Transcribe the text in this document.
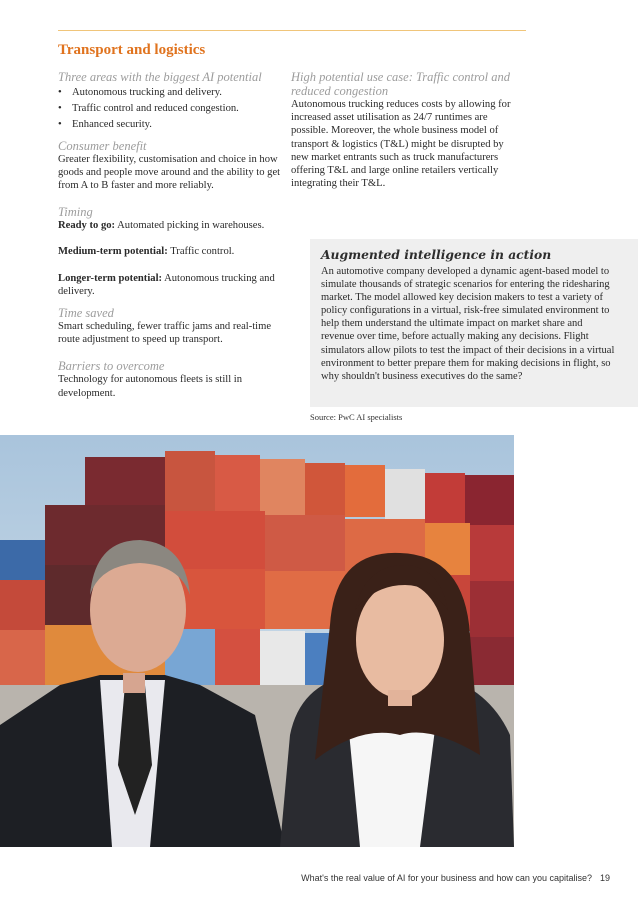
Transport and logistics
Three areas with the biggest AI potential
• Autonomous trucking and delivery.
• Traffic control and reduced congestion.
• Enhanced security.
Consumer benefit

Greater flexibility, customisation and choice in how goods and people move around and the ability to get from A to B faster and more reliably.

Timing

Ready to go: Automated picking in warehouses.

Medium-term potential: Traffic control.

Longer-term potential: Autonomous trucking and delivery.

Time saved

Smart scheduling, fewer traffic jams and real-time route adjustment to speed up transport.

Barriers to overcome

Technology for autonomous fleets is still in development.

High potential use case: Traffic control and reduced congestion

Autonomous trucking reduces costs by allowing for increased asset utilisation as 24/7 runtimes are possible. Moreover, the whole business model of transport & logistics (T&L) might be disrupted by new market entrants such as truck manufacturers offering T&L and large online retailers vertically integrating their T&L.

Augmented intelligence in action

An automotive company developed a dynamic agent-based model to simulate thousands of strategic scenarios for entering the ridesharing market. The model allowed key decision makers to test a variety of policy configurations in a virtual, risk-free simulated environment to help them understand the ultimate impact on market share and revenue over time, before actually making any decisions. Flight simulators allow pilots to test the impact of their decisions in a virtual environment to better prepare them for making decisions in flight, so why shouldn't business executives do the same?

Source: PwC AI specialists
What's the real value of AI for your business and how can you capitalise? 19
